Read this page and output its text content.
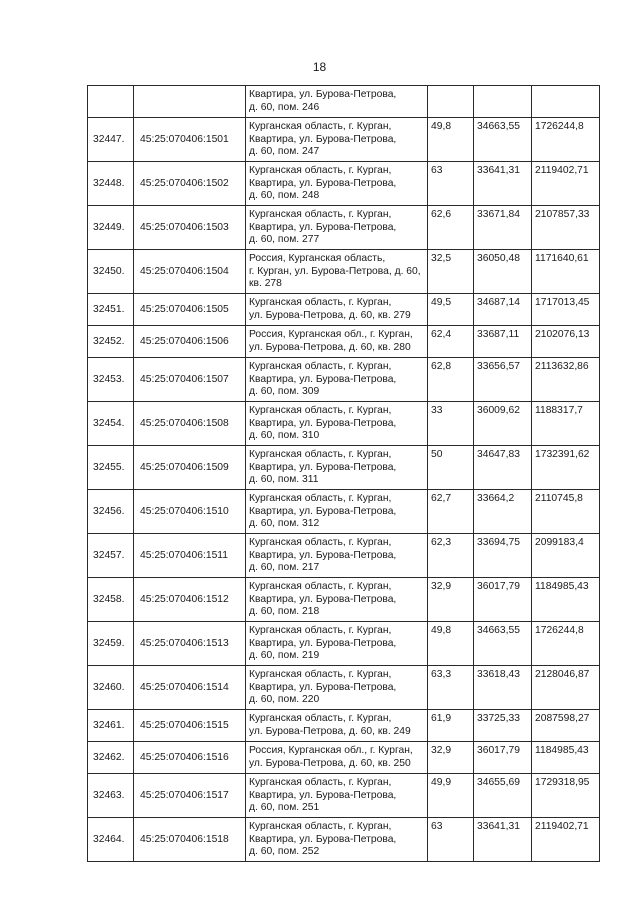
18
		Квартира, ул. Бурова-Петрова,
д. 60, пом. 246			
32447.	45:25:070406:1501	Курганская область, г. Курган,
Квартира, ул. Бурова-Петрова,
д. 60, пом. 247	49,8	34663,55	1726244,8
32448.	45:25:070406:1502	Курганская область, г. Курган,
Квартира, ул. Бурова-Петрова,
д. 60, пом. 248	63	33641,31	2119402,71
32449.	45:25:070406:1503	Курганская область, г. Курган,
Квартира, ул. Бурова-Петрова,
д. 60, пом. 277	62,6	33671,84	2107857,33
32450.	45:25:070406:1504	Россия, Курганская область,
г. Курган, ул. Бурова-Петрова, д. 60,
кв. 278	32,5	36050,48	1171640,61
32451.	45:25:070406:1505	Курганская область, г. Курган,
ул. Бурова-Петрова, д. 60, кв. 279	49,5	34687,14	1717013,45
32452.	45:25:070406:1506	Россия, Курганская обл., г. Курган,
ул. Бурова-Петрова, д. 60, кв. 280	62,4	33687,11	2102076,13
32453.	45:25:070406:1507	Курганская область, г. Курган,
Квартира, ул. Бурова-Петрова,
д. 60, пом. 309	62,8	33656,57	2113632,86
32454.	45:25:070406:1508	Курганская область, г. Курган,
Квартира, ул. Бурова-Петрова,
д. 60, пом. 310	33	36009,62	1188317,7
32455.	45:25:070406:1509	Курганская область, г. Курган,
Квартира, ул. Бурова-Петрова,
д. 60, пом. 311	50	34647,83	1732391,62
32456.	45:25:070406:1510	Курганская область, г. Курган,
Квартира, ул. Бурова-Петрова,
д. 60, пом. 312	62,7	33664,2	2110745,8
32457.	45:25:070406:1511	Курганская область, г. Курган,
Квартира, ул. Бурова-Петрова,
д. 60, пом. 217	62,3	33694,75	2099183,4
32458.	45:25:070406:1512	Курганская область, г. Курган,
Квартира, ул. Бурова-Петрова,
д. 60, пом. 218	32,9	36017,79	1184985,43
32459.	45:25:070406:1513	Курганская область, г. Курган,
Квартира, ул. Бурова-Петрова,
д. 60, пом. 219	49,8	34663,55	1726244,8
32460.	45:25:070406:1514	Курганская область, г. Курган,
Квартира, ул. Бурова-Петрова,
д. 60, пом. 220	63,3	33618,43	2128046,87
32461.	45:25:070406:1515	Курганская область, г. Курган,
ул. Бурова-Петрова, д. 60, кв. 249	61,9	33725,33	2087598,27
32462.	45:25:070406:1516	Россия, Курганская обл., г. Курган,
ул. Бурова-Петрова, д. 60, кв. 250	32,9	36017,79	1184985,43
32463.	45:25:070406:1517	Курганская область, г. Курган,
Квартира, ул. Бурова-Петрова,
д. 60, пом. 251	49,9	34655,69	1729318,95
32464.	45:25:070406:1518	Курганская область, г. Курган,
Квартира, ул. Бурова-Петрова,
д. 60, пом. 252	63	33641,31	2119402,71
